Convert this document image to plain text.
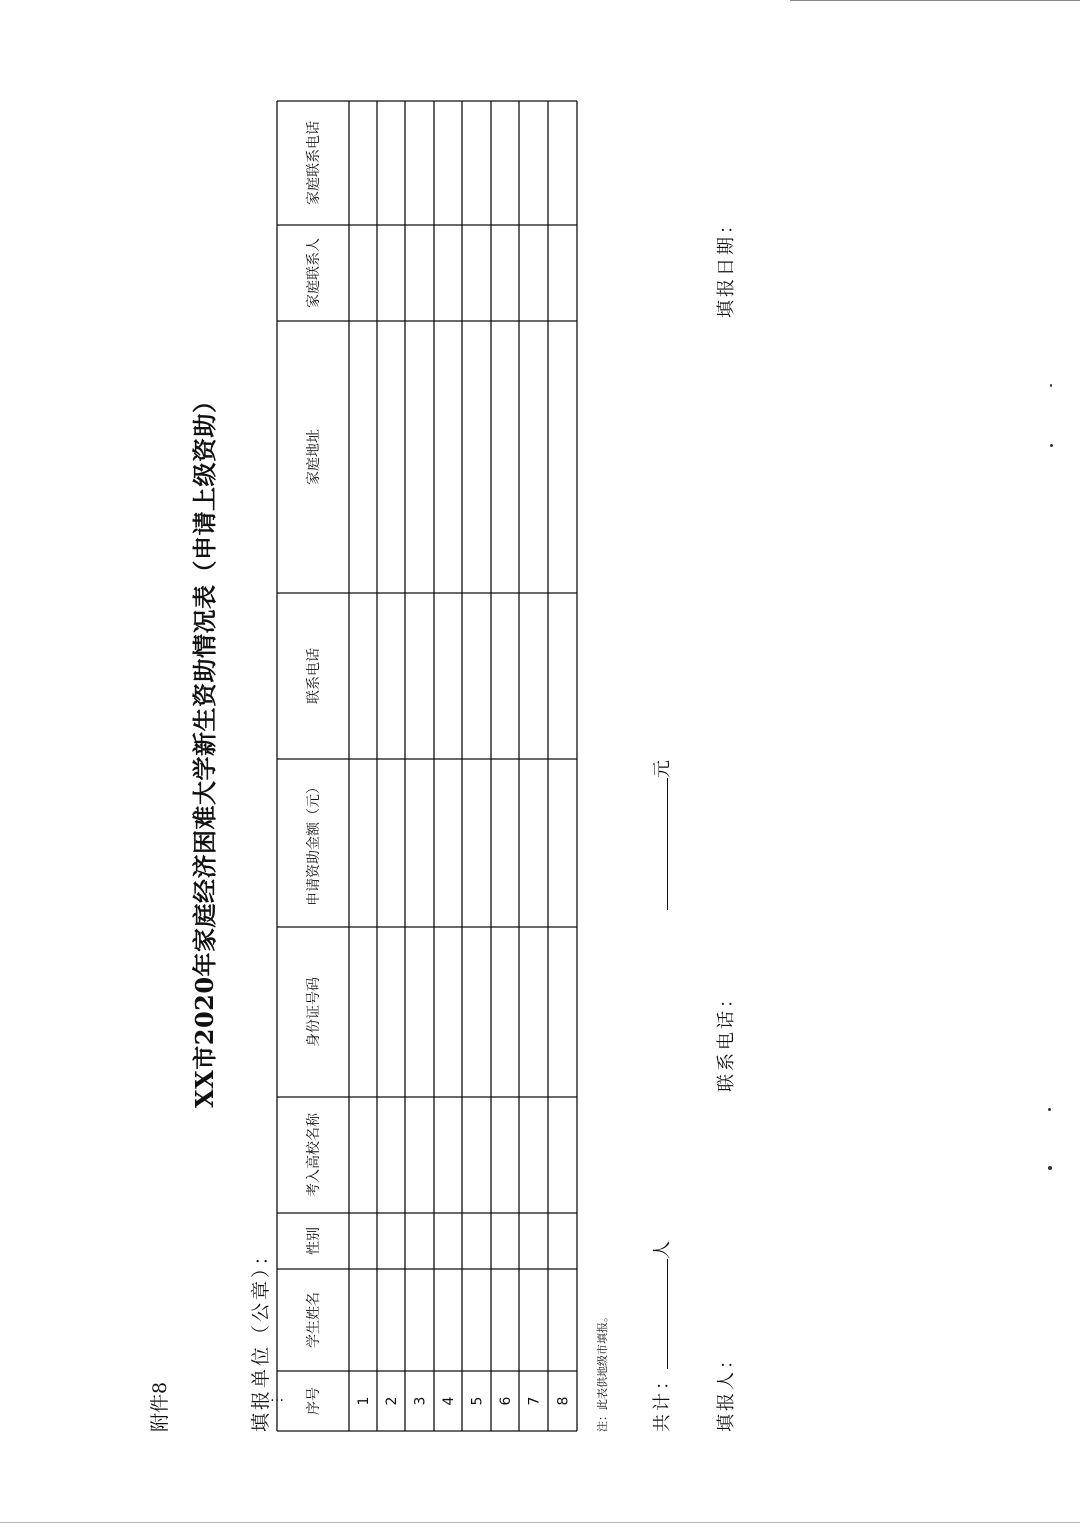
附件8
XX市2020年家庭经济困难大学新生资助情况表（申请上级资助）
填报单位（公章）： 序号
学生姓名
性别
考入高校名称
身份证号码
申请资助金额（元）
联系电话
家庭地址
家庭联系人
家庭联系电话
1 2 3 4 5 6 7 8
…	注：此表供地级市填报。 共计：人
元
填报人：
联系电话：
填报日期：
